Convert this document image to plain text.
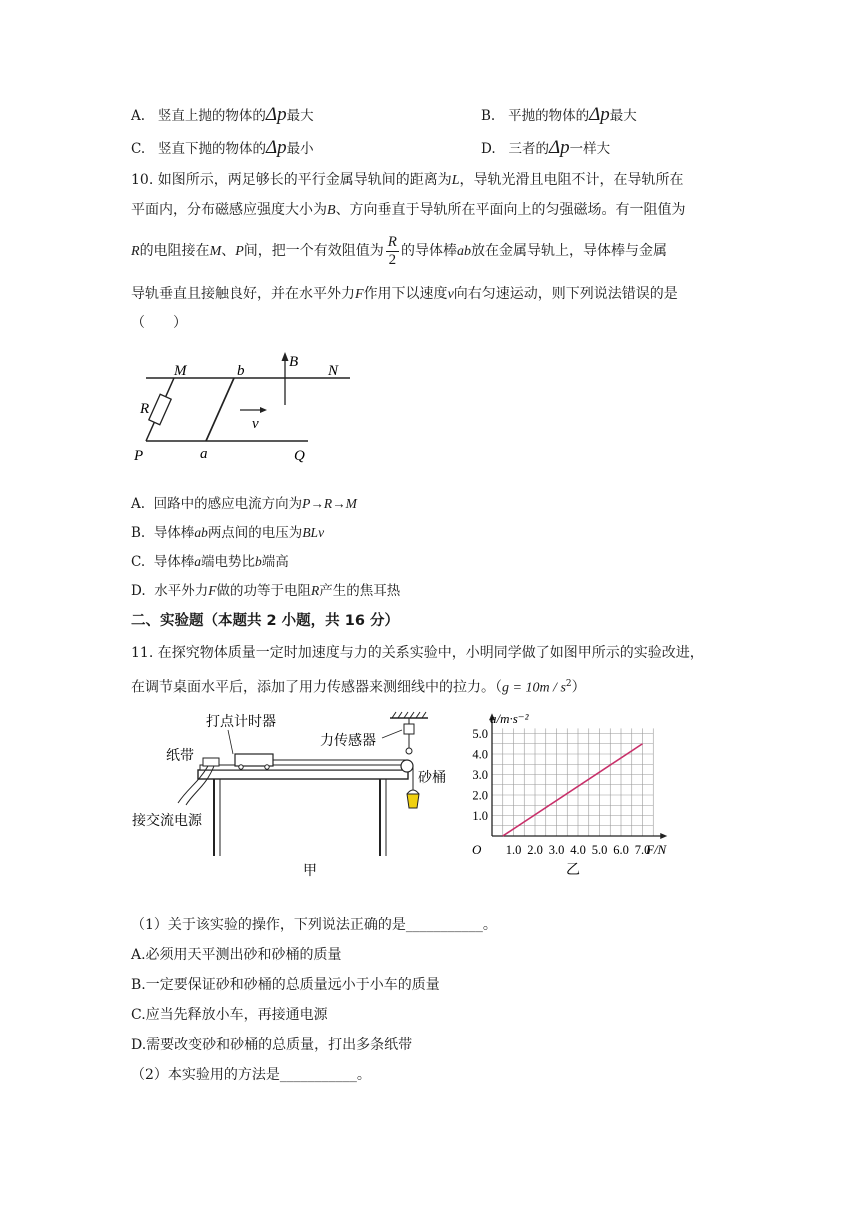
A. 竖直上抛的物体的Δp最大	B. 平抛的物体的Δp最大
C. 竖直下抛的物体的Δp最小	D. 三者的Δp一样大
10. 如图所示，两足够长的平行金属导轨间的距离为L，导轨光滑且电阻不计，在导轨所在
平面内，分布磁感应强度大小为B、方向垂直于导轨所在平面向上的匀强磁场。有一阻值为
R的电阻接在M、P间，把一个有效阻值为 $\frac{R}{2}$ 的导体棒ab放在金属导轨上，导体棒与金属
导轨垂直且接触良好，并在水平外力F作用下以速度v向右匀速运动，则下列说法错误的是
（　　）
M	b	N
B
R
v
P	a	Q
A. 回路中的感应电流方向为P→R→M
B. 导体棒ab两点间的电压为BLv
C. 导体棒a端电势比b端高
D. 水平外力F做的功等于电阻R产生的焦耳热
二、实验题（本题共 2 小题，共 16 分）
11. 在探究物体质量一定时加速度与力的关系实验中，小明同学做了如图甲所示的实验改进，
在调节桌面水平后，添加了用力传感器来测细线中的拉力。$(g = 10m / s^2)$
打点计时器
纸带
力传感器
砂桶
接交流电源
甲
1.0 2.0 3.0 4.0 5.0 6.0 7.0
1.0
2.0
3.0
4.0
5.0
a/m·s⁻²
F/N
O
乙
（1）关于该实验的操作，下列说法正确的是___________。
A.必须用天平测出砂和砂桶的质量
B.一定要保证砂和砂桶的总质量远小于小车的质量
C.应当先释放小车，再接通电源
D.需要改变砂和砂桶的总质量，打出多条纸带
（2）本实验用的方法是___________。
